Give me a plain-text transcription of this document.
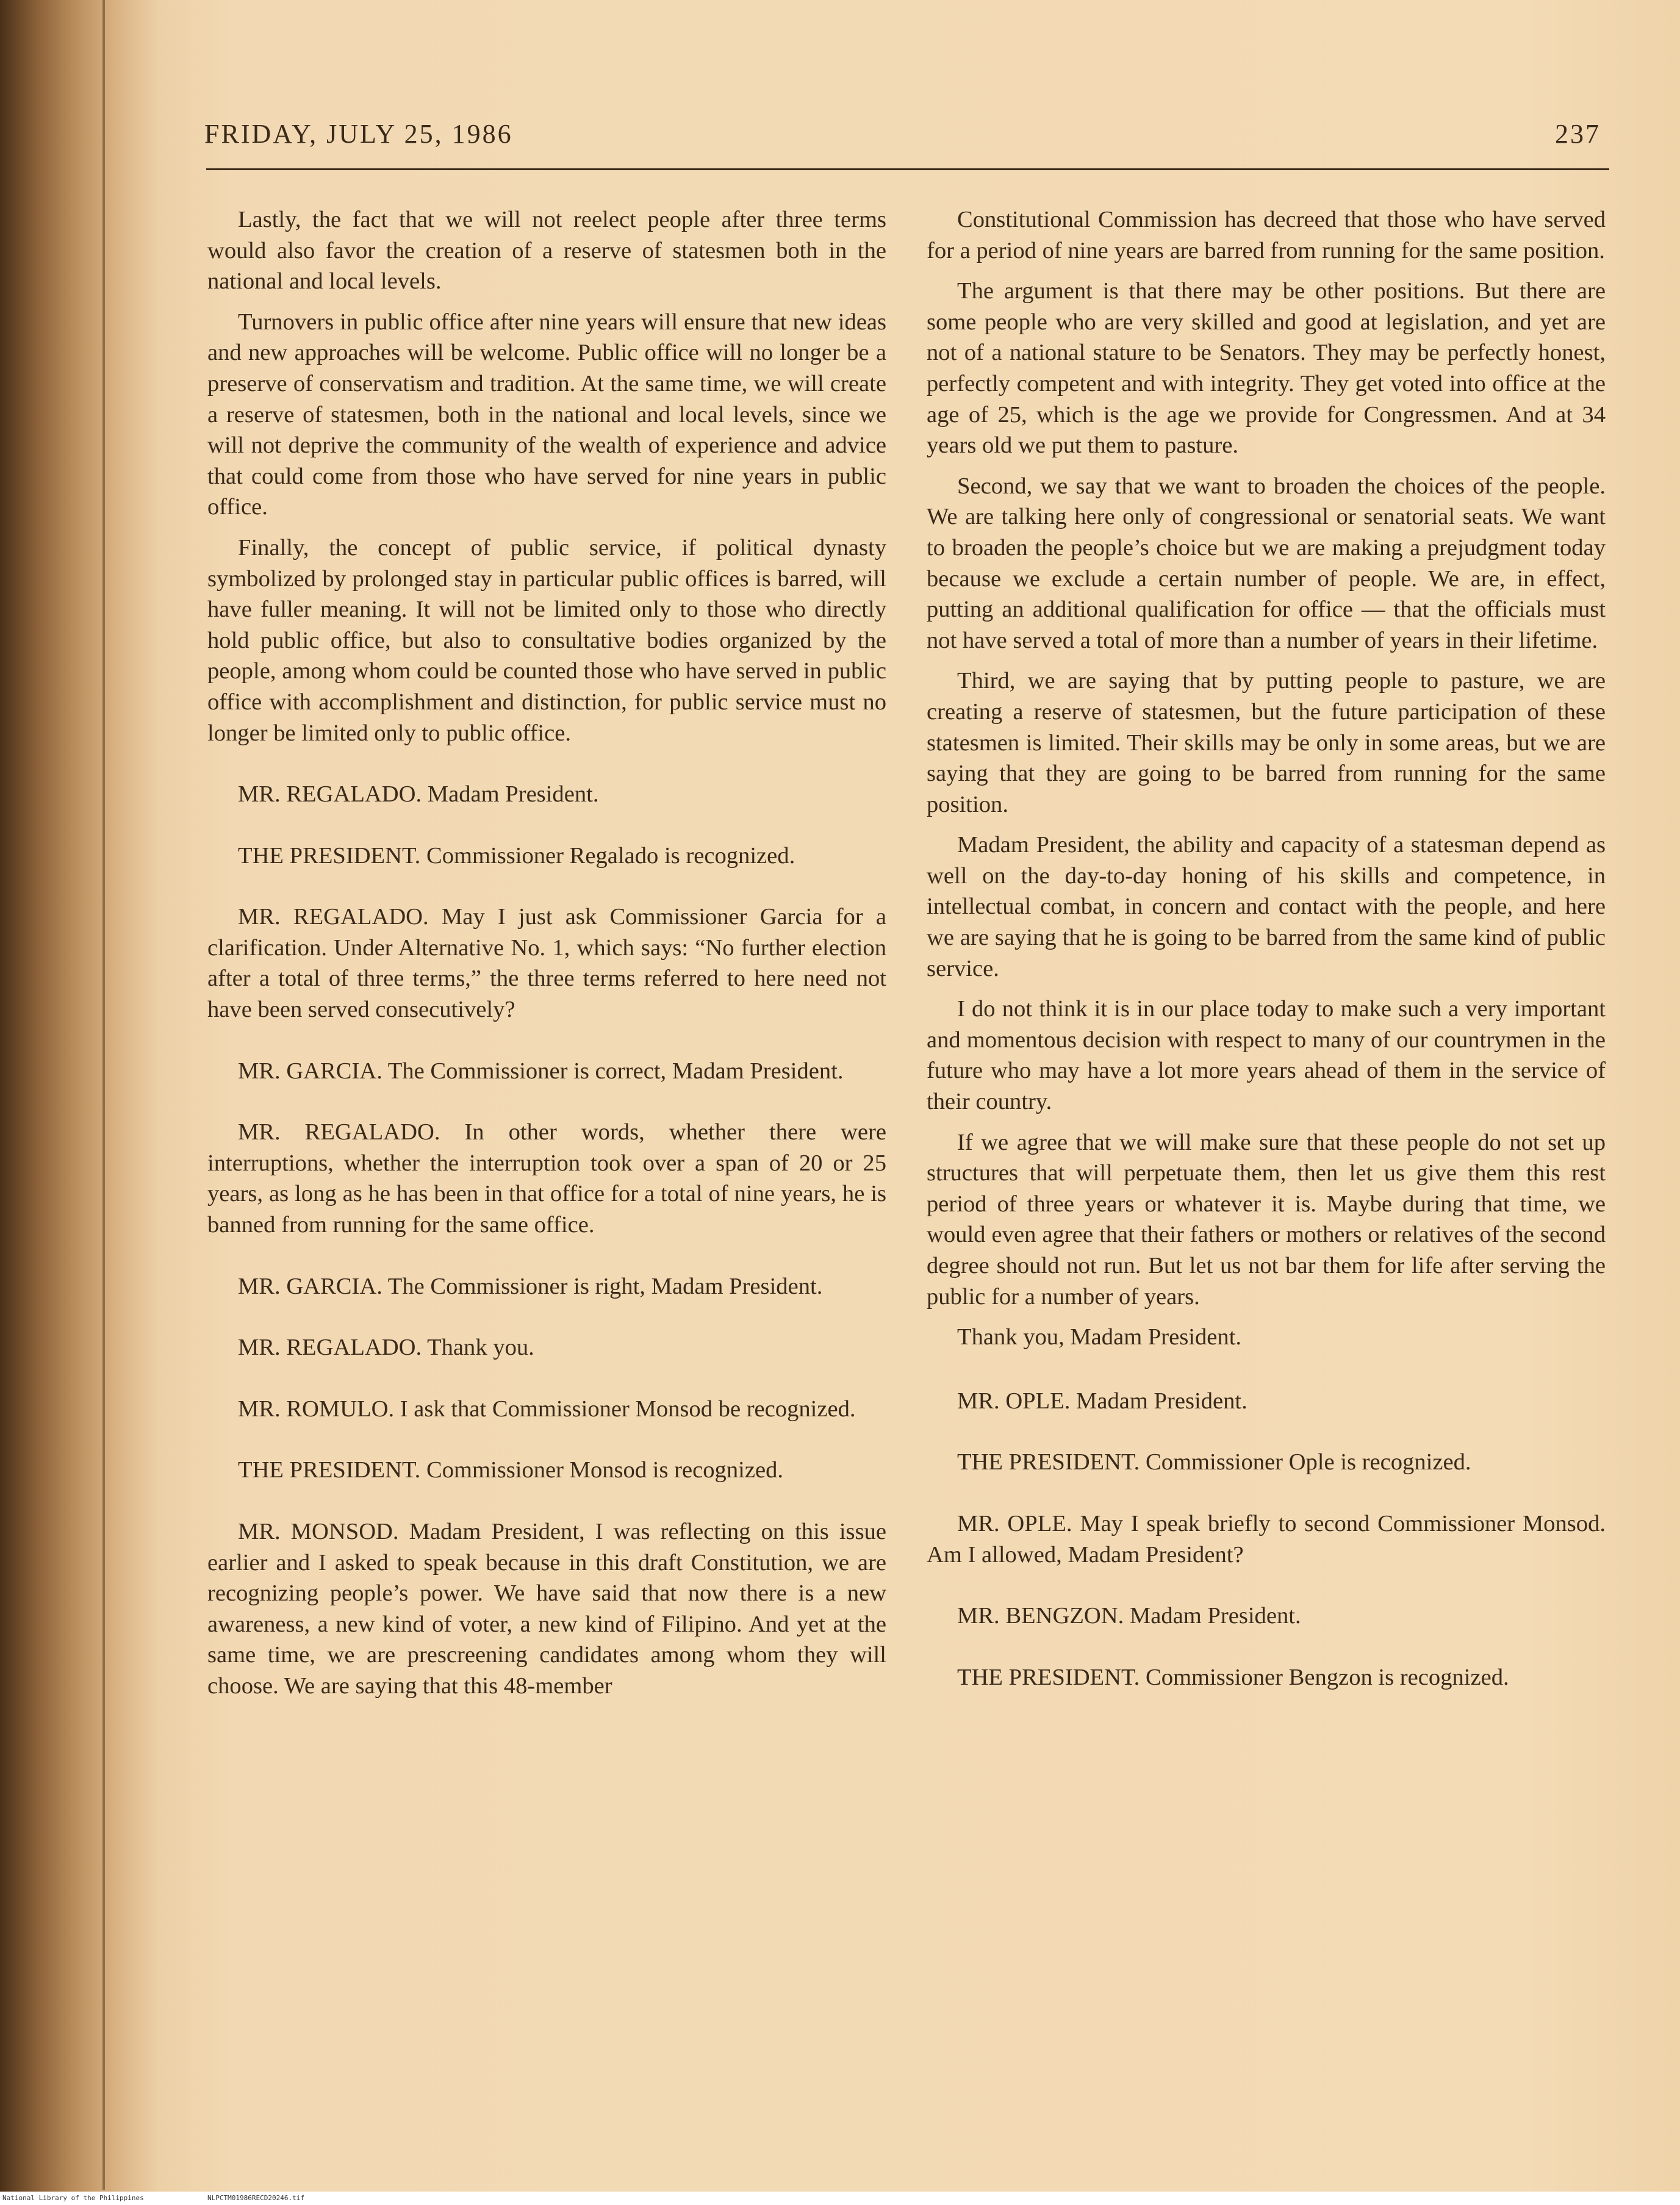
FRIDAY, JULY 25, 1986	237

Lastly, the fact that we will not reelect people after three terms would also favor the creation of a reserve of statesmen both in the national and local levels.

Turnovers in public office after nine years will ensure that new ideas and new approaches will be welcome. Public office will no longer be a preserve of conservatism and tradition. At the same time, we will create a reserve of statesmen, both in the national and local levels, since we will not deprive the community of the wealth of experience and advice that could come from those who have served for nine years in public office.

Finally, the concept of public service, if political dynasty symbolized by prolonged stay in particular public offices is barred, will have fuller meaning. It will not be limited only to those who directly hold public office, but also to consultative bodies organized by the people, among whom could be counted those who have served in public office with accomplishment and distinction, for public service must no longer be limited only to public office.

MR. REGALADO. Madam President.

THE PRESIDENT. Commissioner Regalado is recognized.

MR. REGALADO. May I just ask Commissioner Garcia for a clarification. Under Alternative No. 1, which says: “No further election after a total of three terms,” the three terms referred to here need not have been served consecutively?

MR. GARCIA. The Commissioner is correct, Madam President.

MR. REGALADO. In other words, whether there were interruptions, whether the interruption took over a span of 20 or 25 years, as long as he has been in that office for a total of nine years, he is banned from running for the same office.

MR. GARCIA. The Commissioner is right, Madam President.

MR. REGALADO. Thank you.

MR. ROMULO. I ask that Commissioner Monsod be recognized.

THE PRESIDENT. Commissioner Monsod is recognized.

MR. MONSOD. Madam President, I was reflecting on this issue earlier and I asked to speak because in this draft Constitution, we are recognizing people’s power. We have said that now there is a new awareness, a new kind of voter, a new kind of Filipino. And yet at the same time, we are prescreening candidates among whom they will choose. We are saying that this 48-member

Constitutional Commission has decreed that those who have served for a period of nine years are barred from running for the same position.

The argument is that there may be other positions. But there are some people who are very skilled and good at legislation, and yet are not of a national stature to be Senators. They may be perfectly honest, perfectly competent and with integrity. They get voted into office at the age of 25, which is the age we provide for Congressmen. And at 34 years old we put them to pasture.

Second, we say that we want to broaden the choices of the people. We are talking here only of congressional or senatorial seats. We want to broaden the people’s choice but we are making a prejudgment today because we exclude a certain number of people. We are, in effect, putting an additional qualification for office — that the officials must not have served a total of more than a number of years in their lifetime.

Third, we are saying that by putting people to pasture, we are creating a reserve of statesmen, but the future participation of these statesmen is limited. Their skills may be only in some areas, but we are saying that they are going to be barred from running for the same position.

Madam President, the ability and capacity of a statesman depend as well on the day-to-day honing of his skills and competence, in intellectual combat, in concern and contact with the people, and here we are saying that he is going to be barred from the same kind of public service.

I do not think it is in our place today to make such a very important and momentous decision with respect to many of our countrymen in the future who may have a lot more years ahead of them in the service of their country.

If we agree that we will make sure that these people do not set up structures that will perpetuate them, then let us give them this rest period of three years or whatever it is. Maybe during that time, we would even agree that their fathers or mothers or relatives of the second degree should not run. But let us not bar them for life after serving the public for a number of years.

Thank you, Madam President.

MR. OPLE. Madam President.

THE PRESIDENT. Commissioner Ople is recognized.

MR. OPLE. May I speak briefly to second Commissioner Monsod. Am I allowed, Madam President?

MR. BENGZON. Madam President.

THE PRESIDENT. Commissioner Bengzon is recognized.

National Library of the Philippines	NLPCTM01986RECD20246.tif
